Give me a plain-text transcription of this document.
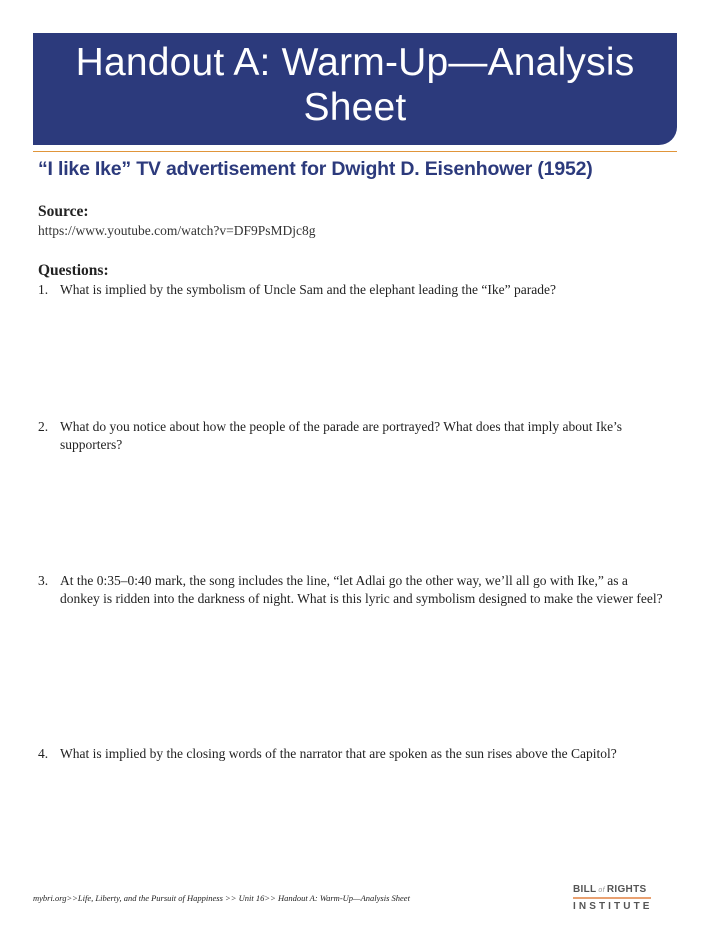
Handout A: Warm-Up—Analysis
Sheet
“I like Ike” TV advertisement for Dwight D. Eisenhower (1952)
Source:
https://www.youtube.com/watch?v=DF9PsMDjc8g
Questions:
1. What is implied by the symbolism of Uncle Sam and the elephant leading the “Ike” parade?
2. What do you notice about how the people of the parade are portrayed? What does that imply about Ike’s supporters?
3. At the 0:35–0:40 mark, the song includes the line, “let Adlai go the other way, we’ll all go with Ike,” as a donkey is ridden into the darkness of night. What is this lyric and symbolism designed to make the viewer feel?
4. What is implied by the closing words of the narrator that are spoken as the sun rises above the Capitol?
mybri.org>>Life, Liberty, and the Pursuit of Happiness >> Unit 16>> Handout A: Warm-Up—Analysis Sheet
BILL of RIGHTS
INSTITUTE
